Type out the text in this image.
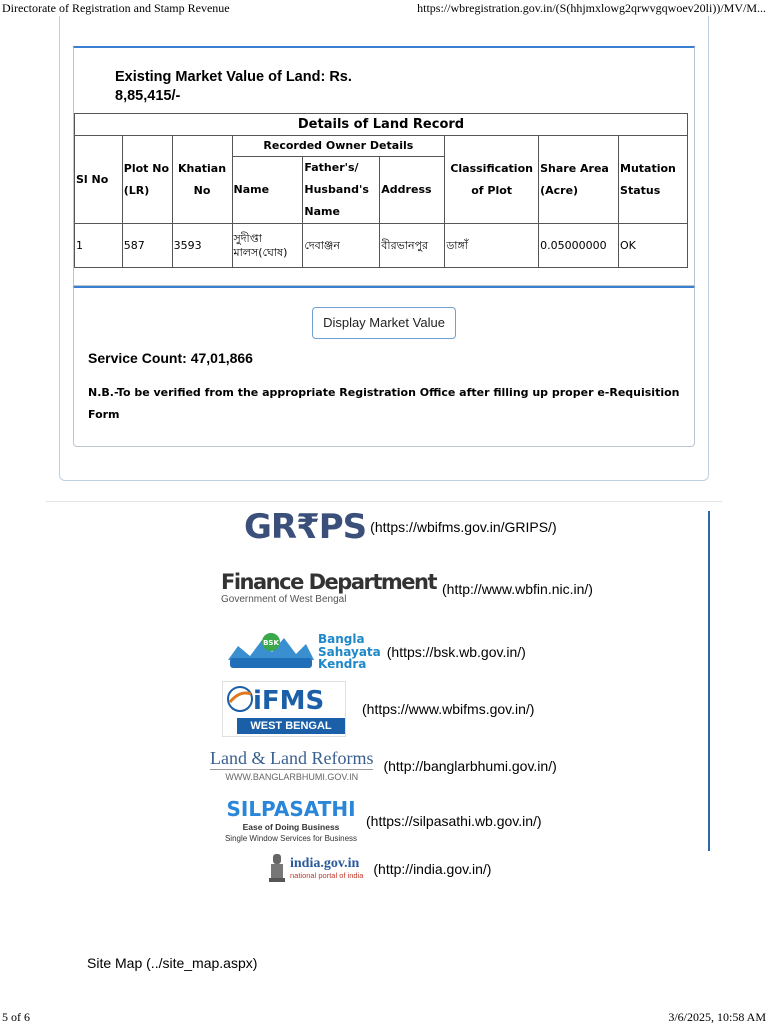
Directorate of Registration and Stamp Revenue	https://wbregistration.gov.in/(S(hhjmxlowg2qrwvgqwoev20li))/MV/M...
5 of 6	3/6/2025, 10:58 AM
Existing Market Value of Land: Rs.
8,85,415/-
Details of Land Record								
Sl No	Plot No (LR)	Khatian No	Recorded Owner Details			Classification of Plot	Share Area (Acre)	Mutation Status
			Name	Father's/ Husband's Name	Address			
1	587	3593	সুদীপ্তা মালস(ঘোষ)	দেবাঞ্জন	বীরভানপুর	ডাঙ্গাঁ	0.05000000	OK
Display Market Value
Service Count: 47,01,866
N.B.-To be verified from the appropriate Registration Office after filling up proper e-Requisition Form
GR₹PS (https://wbifms.gov.in/GRIPS/)
Finance Department
Government of West Bengal
(http://www.wbfin.nic.in/)
BSK	Bangla
Sahayata
Kendra
(https://bsk.wb.gov.in/)
iFMS
WEST BENGAL
(https://www.wbifms.gov.in/)
Land & Land Reforms
WWW.BANGLARBHUMI.GOV.IN
(http://banglarbhumi.gov.in/)
SILPASATHI
Ease of Doing Business
Single Window Services for Business
(https://silpasathi.wb.gov.in/)
india.gov.in
national portal of india (http://india.gov.in/)
Site Map (../site_map.aspx)
